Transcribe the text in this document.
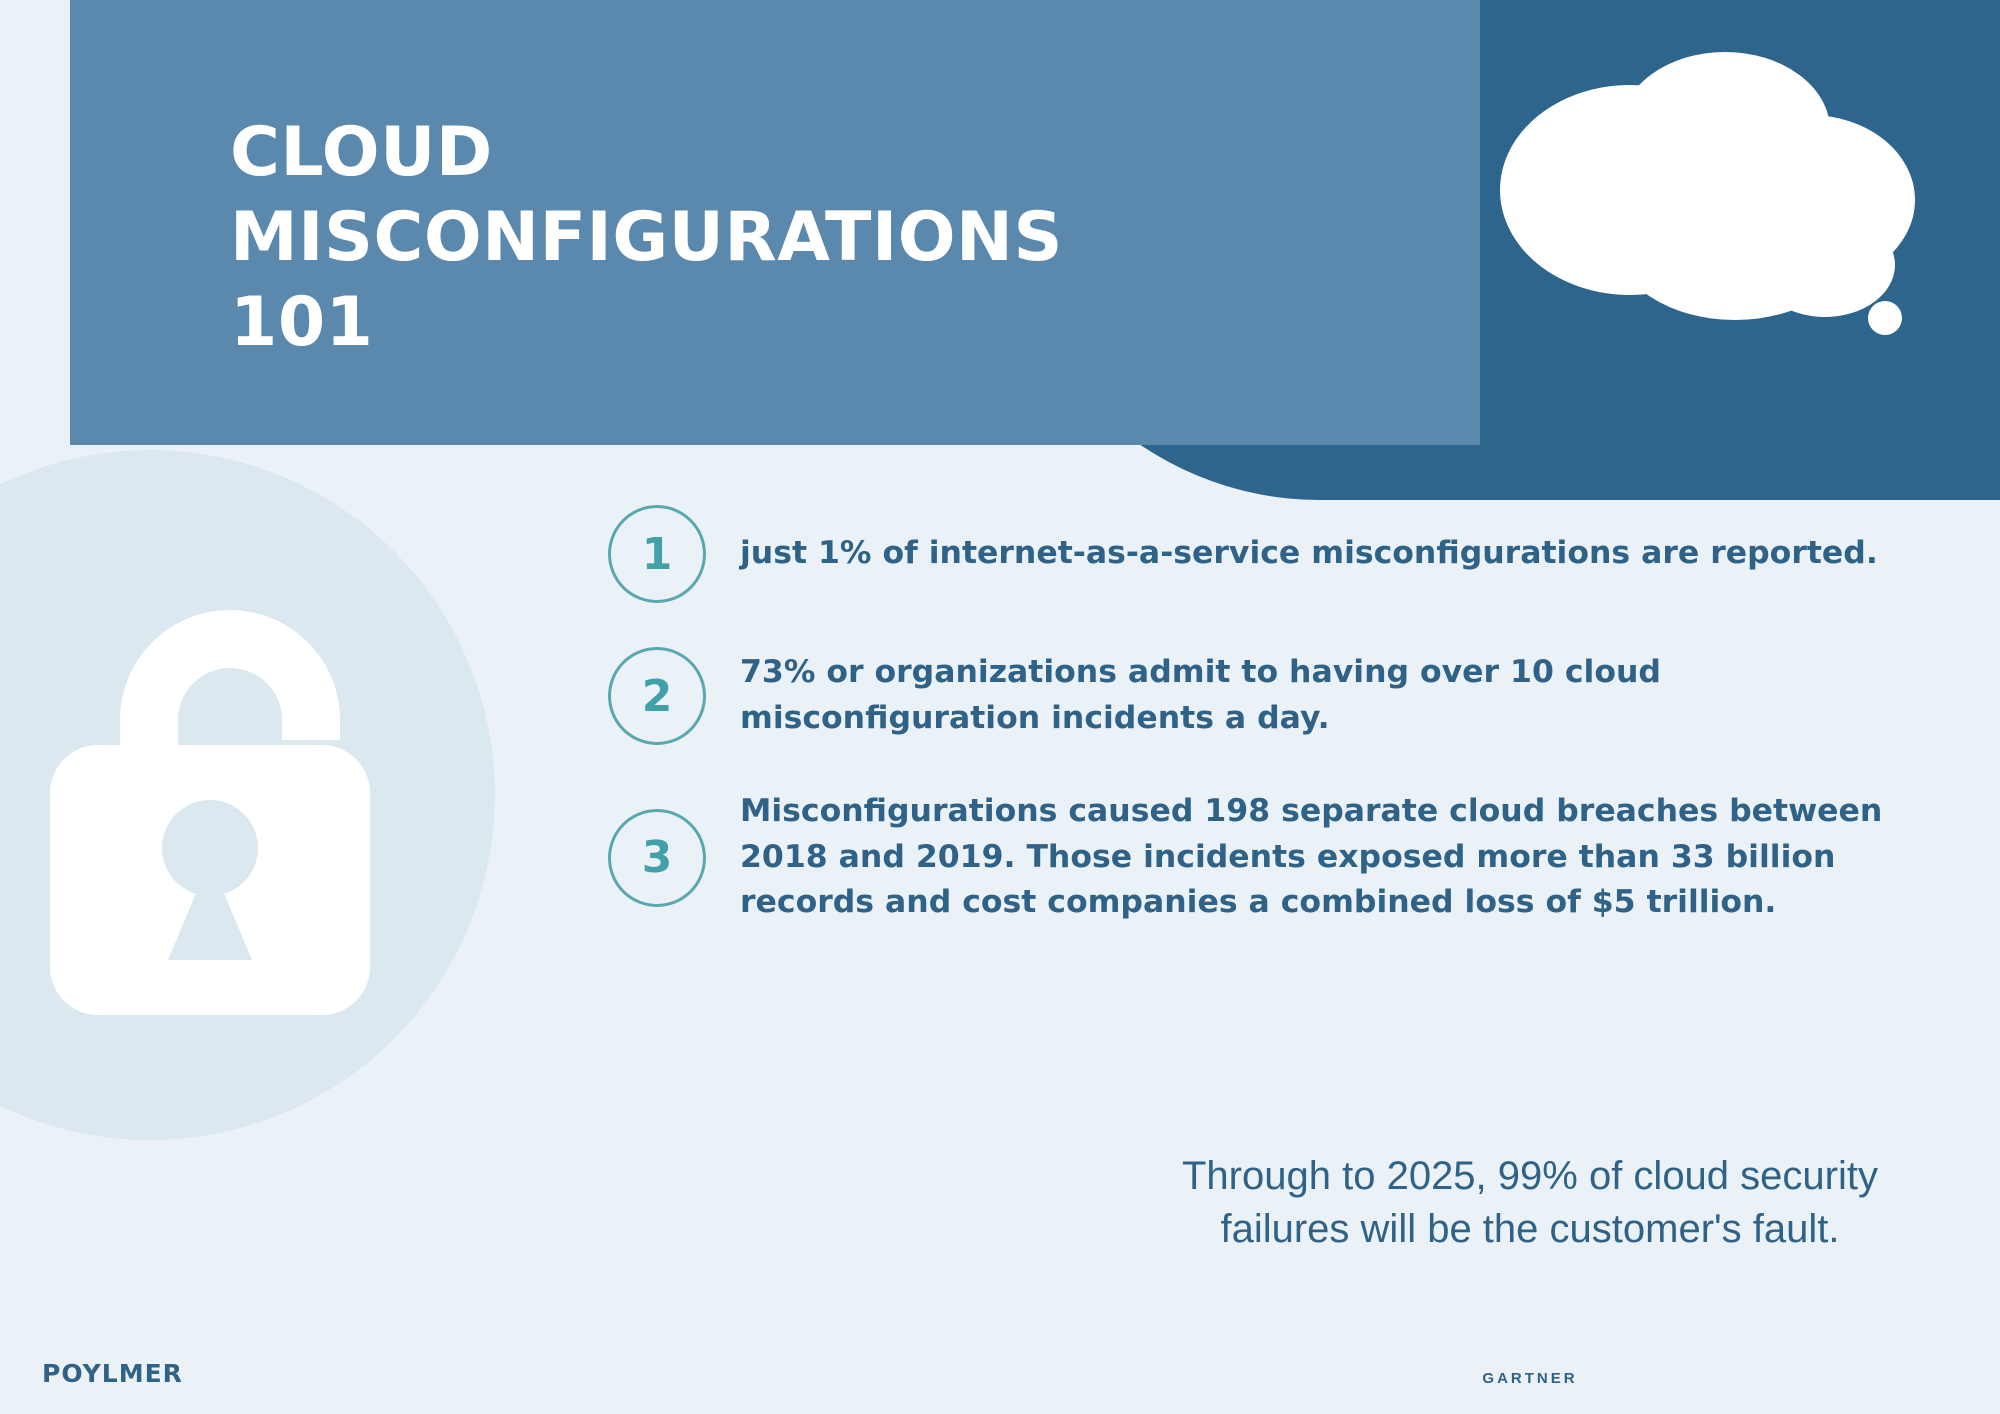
CLOUD MISCONFIGURATIONS
101
1	just 1% of internet-as-a-service misconfigurations are reported.
2	73% or organizations admit to having over 10 cloud misconfiguration incidents a day.
3
Misconfigurations caused 198 separate cloud breaches between 2018 and 2019. Those incidents exposed more than 33 billion records and cost companies a combined loss of $5 trillion.
Through to 2025, 99% of cloud security failures will be the customer's fault.
GARTNER
POYLMER
